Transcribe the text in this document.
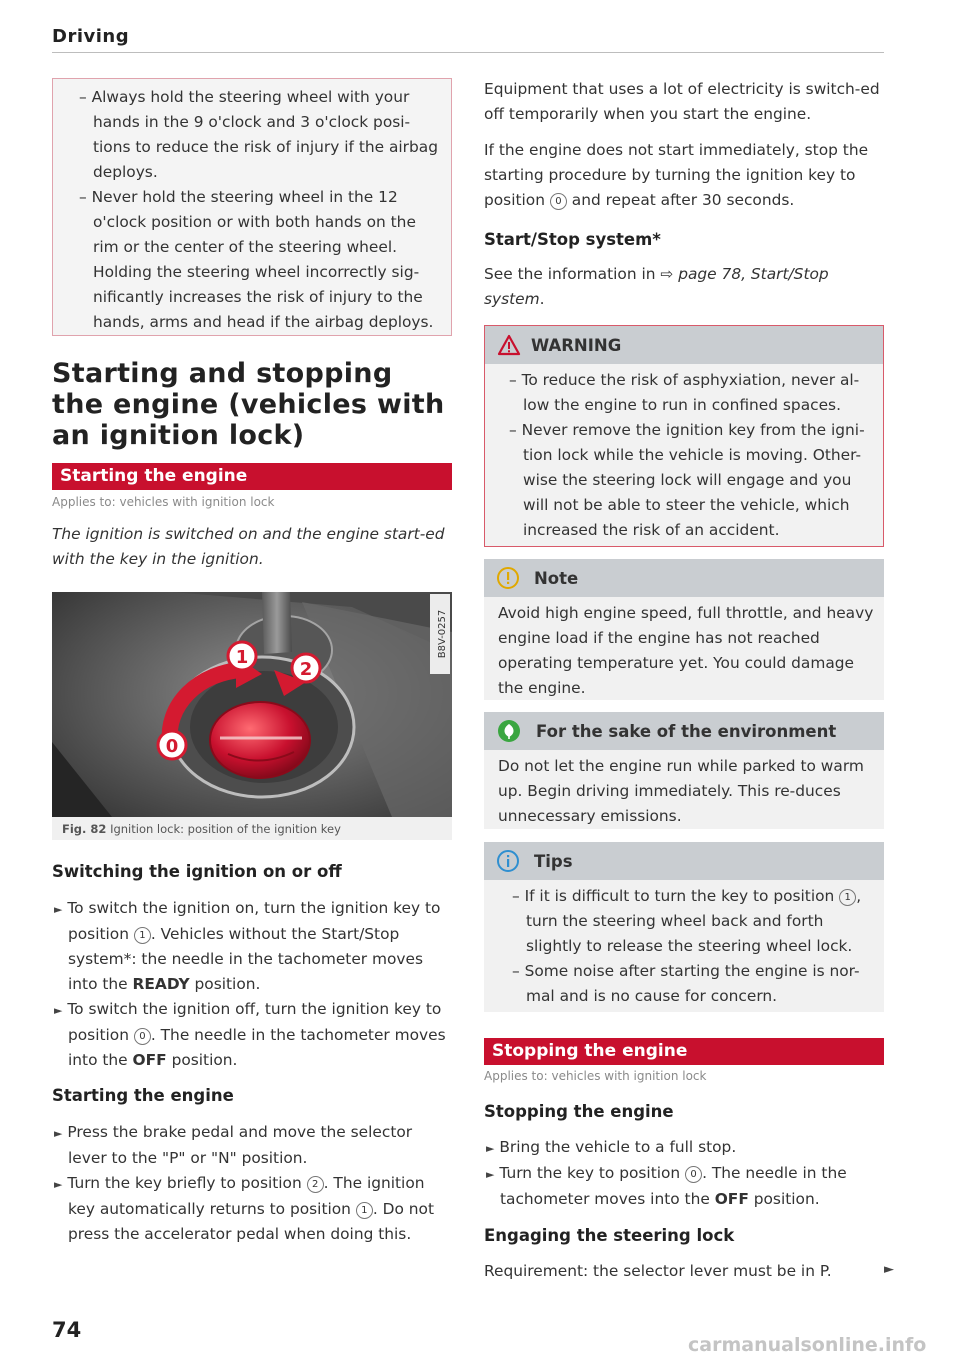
Driving

– Always hold the steering wheel with your hands in the 9 o'clock and 3 o'clock posi-tions to reduce the risk of injury if the airbag deploys.

– Never hold the steering wheel in the 12 o'clock position or with both hands on the rim or the center of the steering wheel. Holding the steering wheel incorrectly sig-nificantly increases the risk of injury to the hands, arms and head if the airbag deploys.

Starting and stopping the engine (vehicles with an ignition lock)
Starting the engine
Applies to: vehicles with ignition lock
The ignition is switched on and the engine start-ed with the key in the ignition.
B8V-0257
1
2
0
Fig. 82 Ignition lock: position of the ignition key
Switching the ignition on or off

► To switch the ignition on, turn the ignition key to position 1 . Vehicles without the Start/Stop system*: the needle in the tachometer moves into the READY position.

► To switch the ignition off, turn the ignition key to position 0 . The needle in the tachometer moves into the OFF position.

Starting the engine

► Press the brake pedal and move the selector lever to the "P" or "N" position.

► Turn the key briefly to position 2 . The ignition key automatically returns to position 1 . Do not press the accelerator pedal when doing this.

74
Equipment that uses a lot of electricity is switch-ed off temporarily when you start the engine.
If the engine does not start immediately, stop the starting procedure by turning the ignition key to position 0 and repeat after 30 seconds.
Start/Stop system*
See the information in ⇨ page 78, Start/Stop system.
WARNING

– To reduce the risk of asphyxiation, never al-low the engine to run in confined spaces.

– Never remove the ignition key from the igni-tion lock while the vehicle is moving. Other-wise the steering lock will engage and you will not be able to steer the vehicle, which increased the risk of an accident.

Note
Avoid high engine speed, full throttle, and heavy engine load if the engine has not reached operating temperature yet. You could damage the engine.
For the sake of the environment
Do not let the engine run while parked to warm up. Begin driving immediately. This re-duces unnecessary emissions.
Tips

– If it is difficult to turn the key to position 1 , turn the steering wheel back and forth slightly to release the steering wheel lock.

– Some noise after starting the engine is nor-mal and is no cause for concern.

Stopping the engine
Applies to: vehicles with ignition lock
Stopping the engine

► Bring the vehicle to a full stop.

► Turn the key to position 0 . The needle in the tachometer moves into the OFF position.

Engaging the steering lock
Requirement: the selector lever must be in P.	►
carmanualsonline.info
